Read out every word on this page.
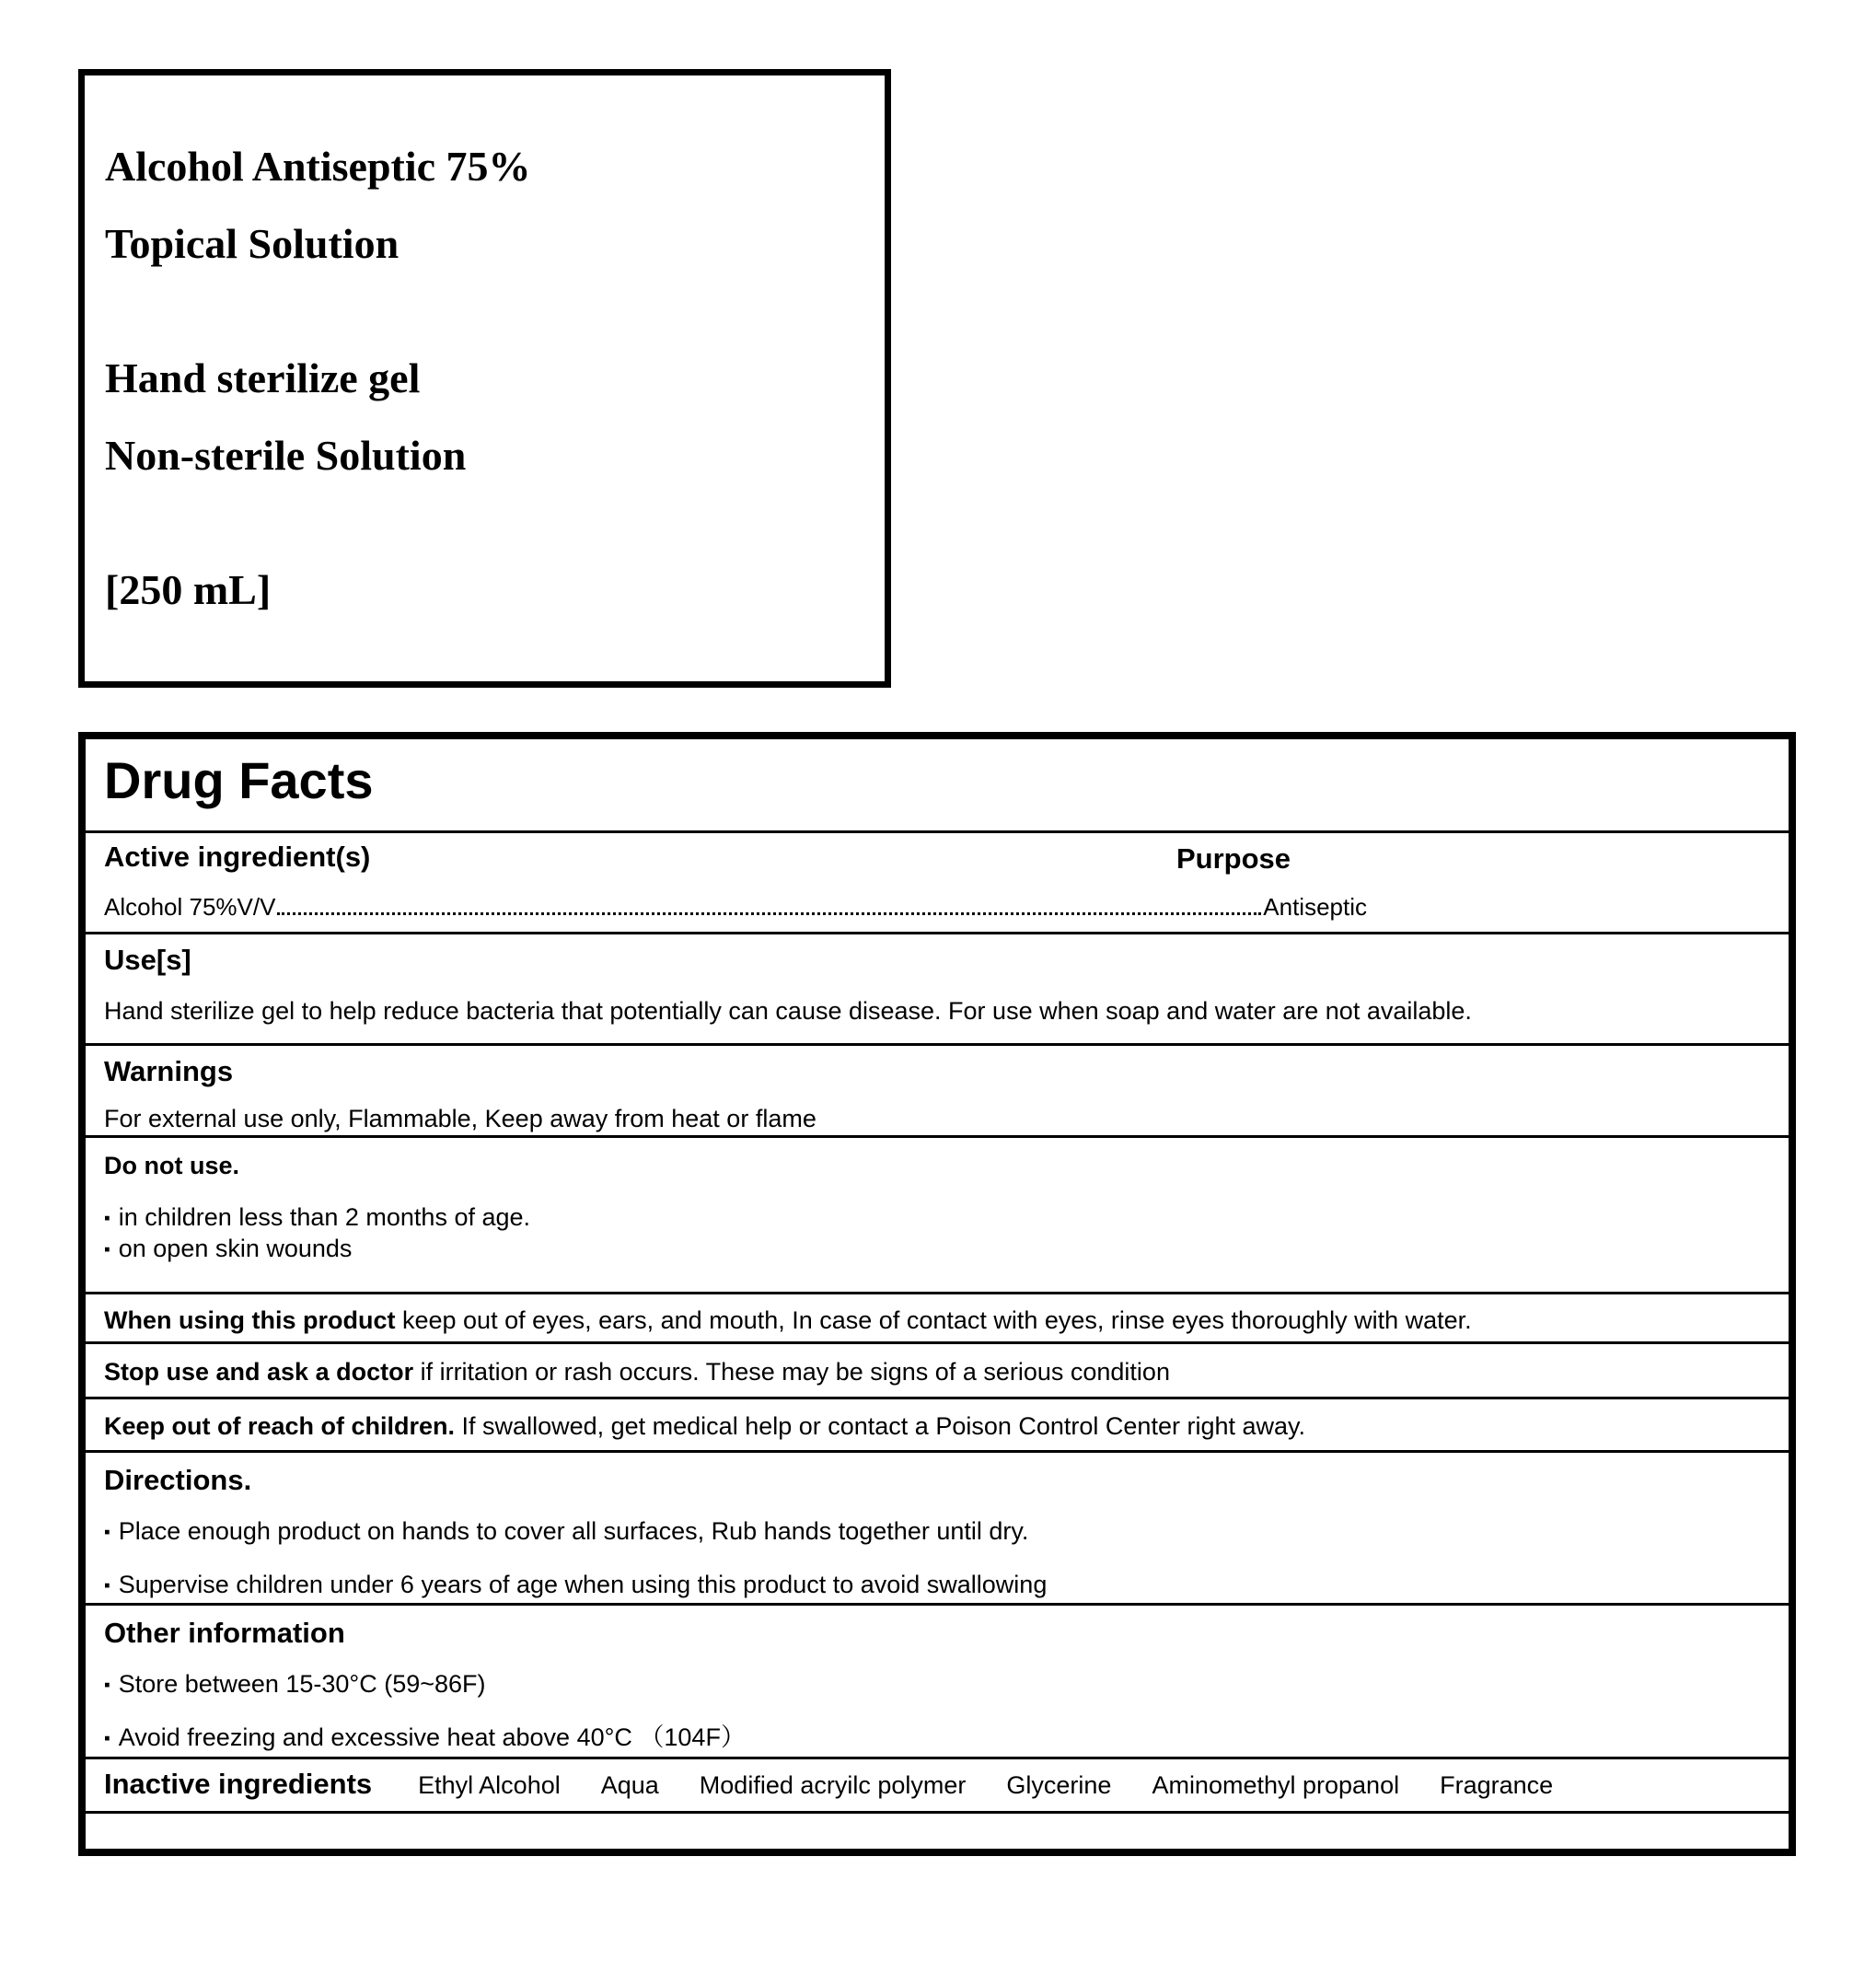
Alcohol Antiseptic 75%

Topical Solution

Hand sterilize gel

Non-sterile Solution

[250 mL]

Drug Facts
Active ingredient(s)	Purpose
Alcohol 75%V/V	Antiseptic
Use[s]

Hand sterilize gel to help reduce bacteria that potentially can cause disease. For use when soap and water are not available.

Warnings

For external use only, Flammable, Keep away from heat or flame

Do not use.

▪ in children less than 2 months of age.

▪ on open skin wounds

When using this product keep out of eyes, ears, and mouth, In case of contact with eyes, rinse eyes thoroughly with water.

Stop use and ask a doctor if irritation or rash occurs. These may be signs of a serious condition

Keep out of reach of children. If swallowed, get medical help or contact a Poison Control Center right away.

Directions.

▪ Place enough product on hands to cover all surfaces, Rub hands together until dry.

▪ Supervise children under 6 years of age when using this product to avoid swallowing

Other information

▪ Store between 15-30°C (59~86F)

▪ Avoid freezing and excessive heat above 40°C （104F）

Inactive ingredients Ethyl Alcohol Aqua Modified acryilc polymer Glycerine Aminomethyl propanol Fragrance
